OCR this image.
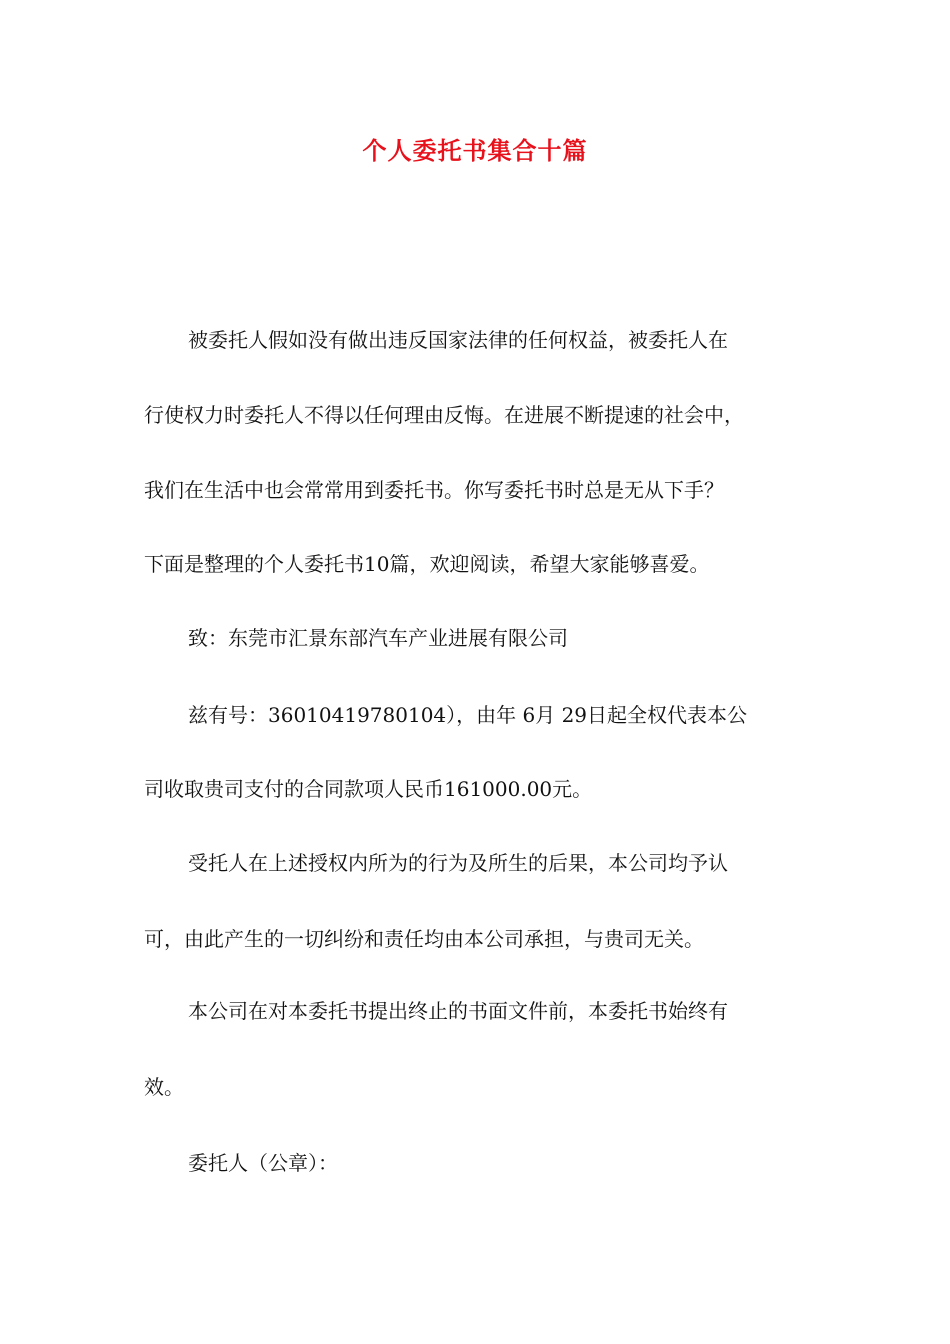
个人委托书集合十篇
被委托人假如没有做出违反国家法律的任何权益，被委托人在
行使权力时委托人不得以任何理由反悔。在进展不断提速的社会中，
我们在生活中也会常常用到委托书。你写委托书时总是无从下手？
下面是整理的个人委托书10篇，欢迎阅读，希望大家能够喜爱。
致：东莞市汇景东部汽车产业进展有限公司
兹有号：36010419780104），由年 6月 29日起全权代表本公
司收取贵司支付的合同款项人民币161000.00元。
受托人在上述授权内所为的行为及所生的后果，本公司均予认
可，由此产生的一切纠纷和责任均由本公司承担，与贵司无关。
本公司在对本委托书提出终止的书面文件前，本委托书始终有
效。
委托人（公章）：
